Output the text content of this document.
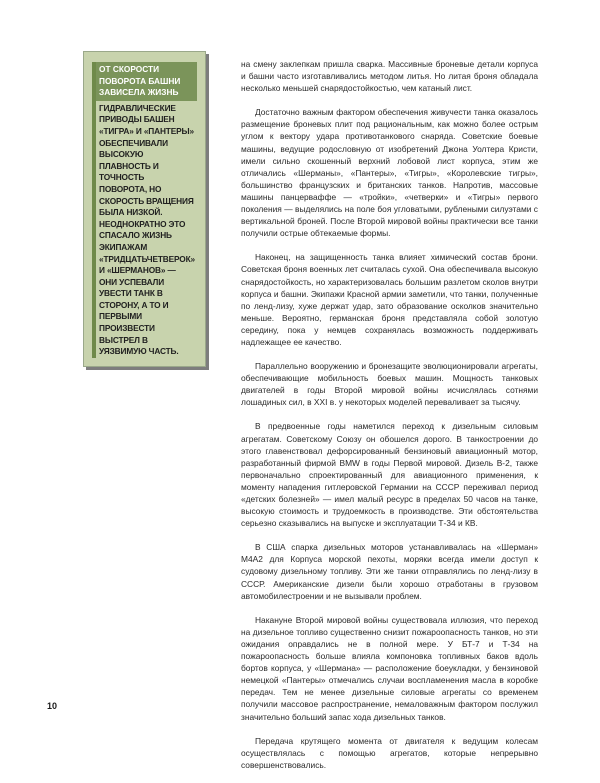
ОТ СКОРОСТИ ПОВОРОТА БАШНИ ЗАВИСЕЛА ЖИЗНЬ

ГИДРАВЛИЧЕСКИЕ ПРИВОДЫ БАШЕН «ТИГРА» И «ПАНТЕРЫ» ОБЕСПЕЧИВАЛИ ВЫСОКУЮ ПЛАВНОСТЬ И ТОЧНОСТЬ ПОВОРОТА, НО СКОРОСТЬ ВРАЩЕНИЯ БЫЛА НИЗКОЙ. НЕОДНОКРАТНО ЭТО СПАСАЛО ЖИЗНЬ ЭКИПАЖАМ «ТРИДЦАТЬЧЕТВЕРОК» И «ШЕРМАНОВ» — ОНИ УСПЕВАЛИ УВЕСТИ ТАНК В СТОРОНУ, А ТО И ПЕРВЫМИ ПРОИЗВЕСТИ ВЫСТРЕЛ В УЯЗВИМУЮ ЧАСТЬ.

на смену заклепкам пришла сварка. Массивные броневые детали корпуса и башни часто изготавливались методом литья. Но литая броня обладала несколько меньшей снарядостойкостью, чем катаный лист.

Достаточно важным фактором обеспечения живучести танка оказалось размещение броневых плит под рациональным, как можно более острым углом к вектору удара противотанкового снаряда. Советские боевые машины, ведущие родословную от изобретений Джона Уолтера Кристи, имели сильно скошенный верхний лобовой лист корпуса, этим же отличались «Шерманы», «Пантеры», «Тигры», «Королевские тигры», большинство французских и британских танков. Напротив, массовые машины панцерваффе — «тройки», «четверки» и «Тигры» первого поколения — выделялись на поле боя угловатыми, рублеными силуэтами с вертикальной броней. После Второй мировой войны практически все танки получили острые обтекаемые формы.

Наконец, на защищенность танка влияет химический состав брони. Советская броня военных лет считалась сухой. Она обеспечивала высокую снарядостойкость, но характеризовалась большим разлетом сколов внутри корпуса и башни. Экипажи Красной армии заметили, что танки, полученные по ленд-лизу, хуже держат удар, зато образование осколков значительно меньше. Вероятно, германская броня представляла собой золотую середину, пока у немцев сохранялась возможность поддерживать надлежащее ее качество.

Параллельно вооружению и бронезащите эволюционировали агрегаты, обеспечивающие мобильность боевых машин. Мощность танковых двигателей в годы Второй мировой войны исчислялась сотнями лошадиных сил, в XXI в. у некоторых моделей переваливает за тысячу.

В предвоенные годы наметился переход к дизельным силовым агрегатам. Советскому Союзу он обошелся дорого. В танкостроении до этого главенствовал дефорсированный бензиновый авиационный мотор, разработанный фирмой BMW в годы Первой мировой. Дизель В-2, также первоначально спроектированный для авиационного применения, к моменту нападения гитлеровской Германии на СССР переживал период «детских болезней» — имел малый ресурс в пределах 50 часов на танке, высокую стоимость и трудоемкость в производстве. Эти обстоятельства серьезно сказывались на выпуске и эксплуатации Т-34 и КВ.

В США спарка дизельных моторов устанавливалась на «Шерман» M4A2 для Корпуса морской пехоты, моряки всегда имели доступ к судовому дизельному топливу. Эти же танки отправлялись по ленд-лизу в СССР. Американские дизели были хорошо отработаны в грузовом автомобилестроении и не вызывали проблем.

Накануне Второй мировой войны существовала иллюзия, что переход на дизельное топливо существенно снизит пожароопасность танков, но эти ожидания оправдались не в полной мере. У БТ-7 и Т-34 на пожароопасность больше влияла компоновка топливных баков вдоль бортов корпуса, у «Шермана» — расположение боеукладки, у бензиновой немецкой «Пантеры» отмечались случаи воспламенения масла в коробке передач. Тем не менее дизельные силовые агрегаты со временем получили массовое распространение, немаловажным фактором послужил значительно больший запас хода дизельных танков.

Передача крутящего момента от двигателя к ведущим колесам осуществлялась с помощью агрегатов, которые непрерывно совершенствовались.

10
